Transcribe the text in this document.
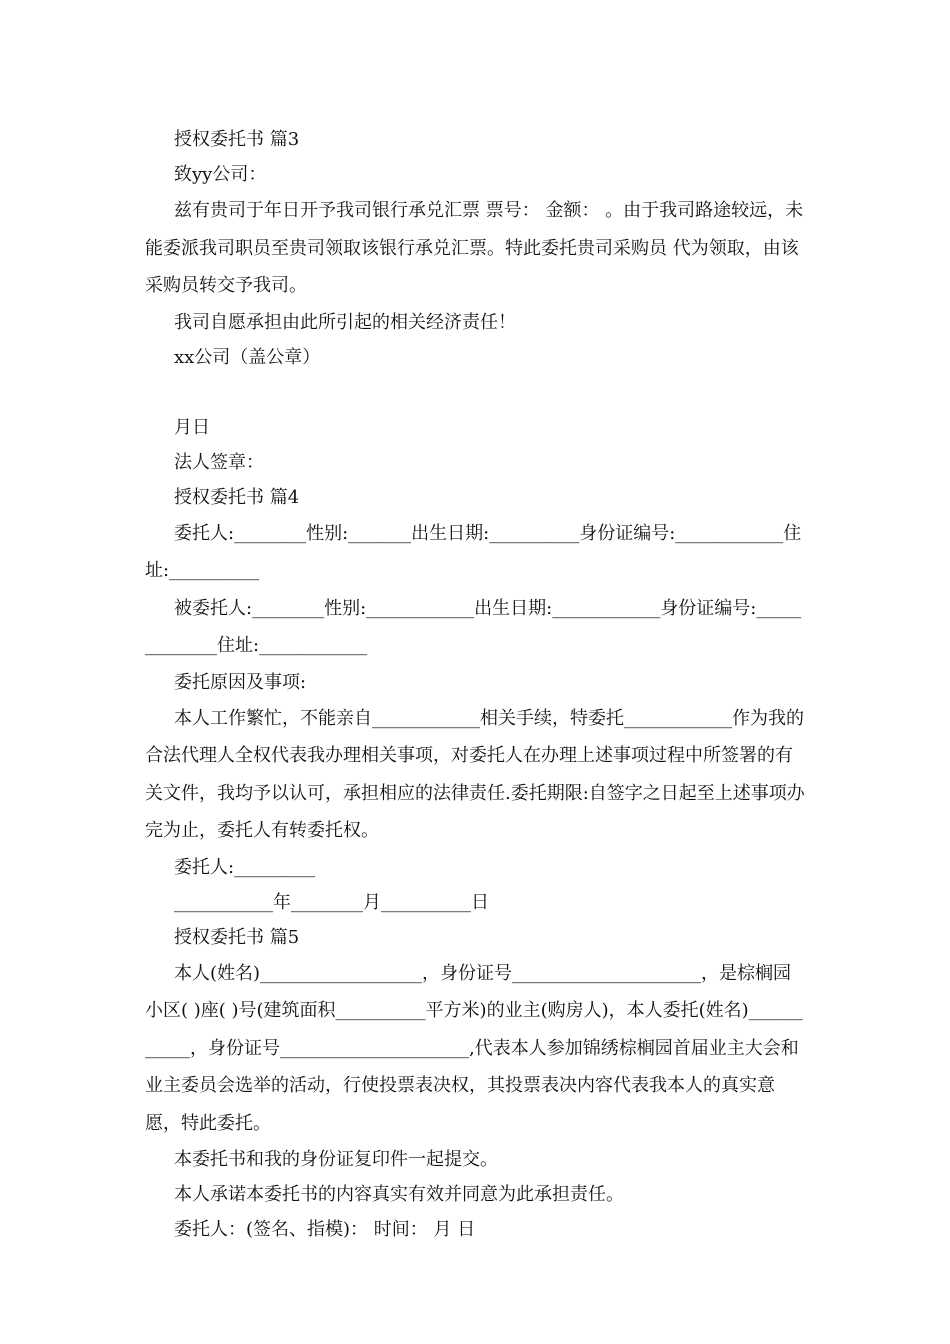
授权委托书 篇3

致yy公司：

兹有贵司于年日开予我司银行承兑汇票 票号： 金额： 。由于我司路途较远，未能委派我司职员至贵司领取该银行承兑汇票。特此委托贵司采购员 代为领取，由该采购员转交予我司。

我司自愿承担由此所引起的相关经济责任！

xx公司（盖公章）

月日

法人签章：

授权委托书 篇4

委托人:________性别:_______出生日期:__________身份证编号:____________住址:__________

被委托人:________性别:____________出生日期:____________身份证编号:_____________住址:____________

委托原因及事项:

本人工作繁忙，不能亲自____________相关手续，特委托____________作为我的合法代理人全权代表我办理相关事项，对委托人在办理上述事项过程中所签署的有关文件，我均予以认可，承担相应的法律责任.委托期限:自签字之日起至上述事项办完为止，委托人有转委托权。

委托人:_________

___________年________月__________日

授权委托书 篇5

本人(姓名)__________________，身份证号_____________________，是棕榈园小区( )座( )号(建筑面积__________平方米)的业主(购房人)，本人委托(姓名)___________，身份证号_____________________,代表本人参加锦绣棕榈园首届业主大会和业主委员会选举的活动，行使投票表决权，其投票表决内容代表我本人的真实意愿，特此委托。

本委托书和我的身份证复印件一起提交。

本人承诺本委托书的内容真实有效并同意为此承担责任。

委托人：(签名、指模)： 时间： 月 日
